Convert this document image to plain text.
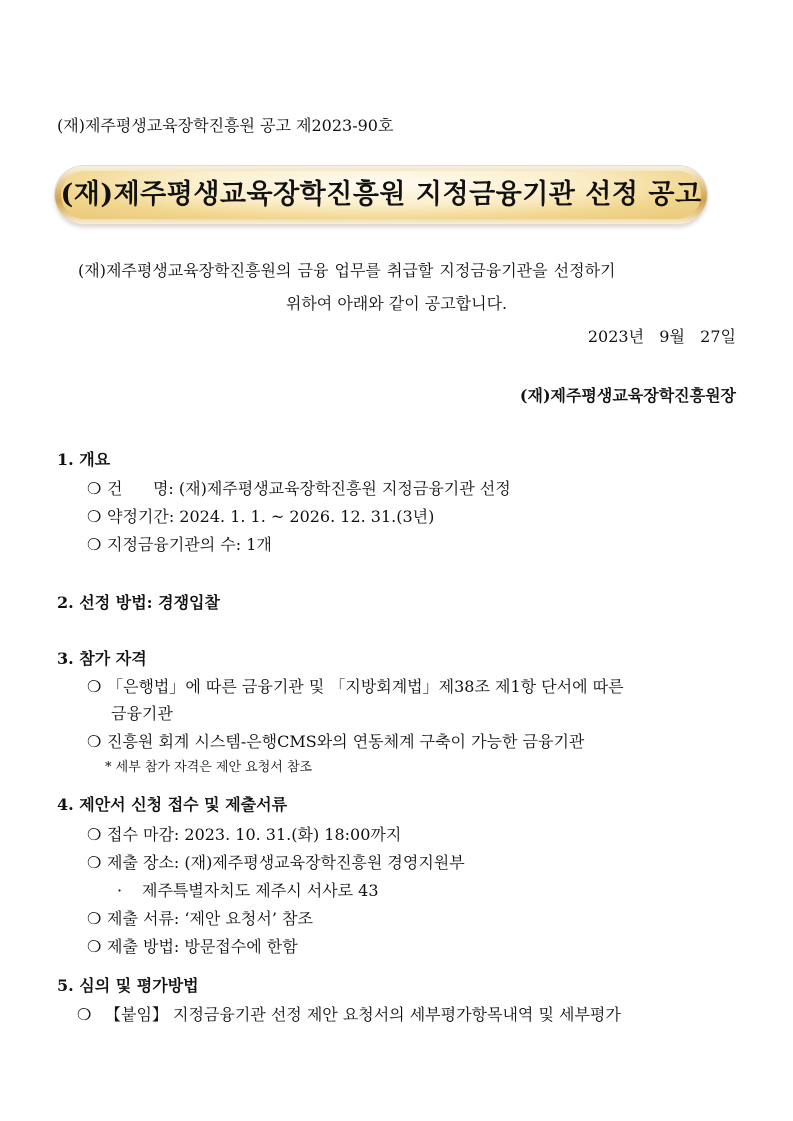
(재)제주평생교육장학진흥원 공고 제2023-90호
(재)제주평생교육장학진흥원 지정금융기관 선정 공고
(재)제주평생교육장학진흥원의 금융 업무를 취급할 지정금융기관을 선정하기
위하여 아래와 같이 공고합니다.
2023년   9월   27일
(재)제주평생교육장학진흥원장
1. 개요
❍ 건      명: (재)제주평생교육장학진흥원 지정금융기관 선정
❍ 약정기간: 2024. 1. 1. ~ 2026. 12. 31.(3년)
❍ 지정금융기관의 수: 1개
2. 선정 방법: 경쟁입찰
3. 참가 자격
❍ 「은행법」에 따른 금융기관 및 「지방회계법」제38조 제1항 단서에 따른
금융기관
❍ 진흥원 회계 시스템-은행CMS와의 연동체계 구축이 가능한 금융기관
* 세부 참가 자격은 제안 요청서 참조
4. 제안서 신청 접수 및 제출서류
❍ 접수 마감: 2023. 10. 31.(화) 18:00까지
❍ 제출 장소: (재)제주평생교육장학진흥원 경영지원부
· 제주특별자치도 제주시 서사로 43
❍ 제출 서류: ‘제안 요청서’ 참조
❍ 제출 방법: 방문접수에 한함
5. 심의 및 평가방법
❍ 【붙임】 지정금융기관 선정 제안 요청서의 세부평가항목내역 및 세부평가
